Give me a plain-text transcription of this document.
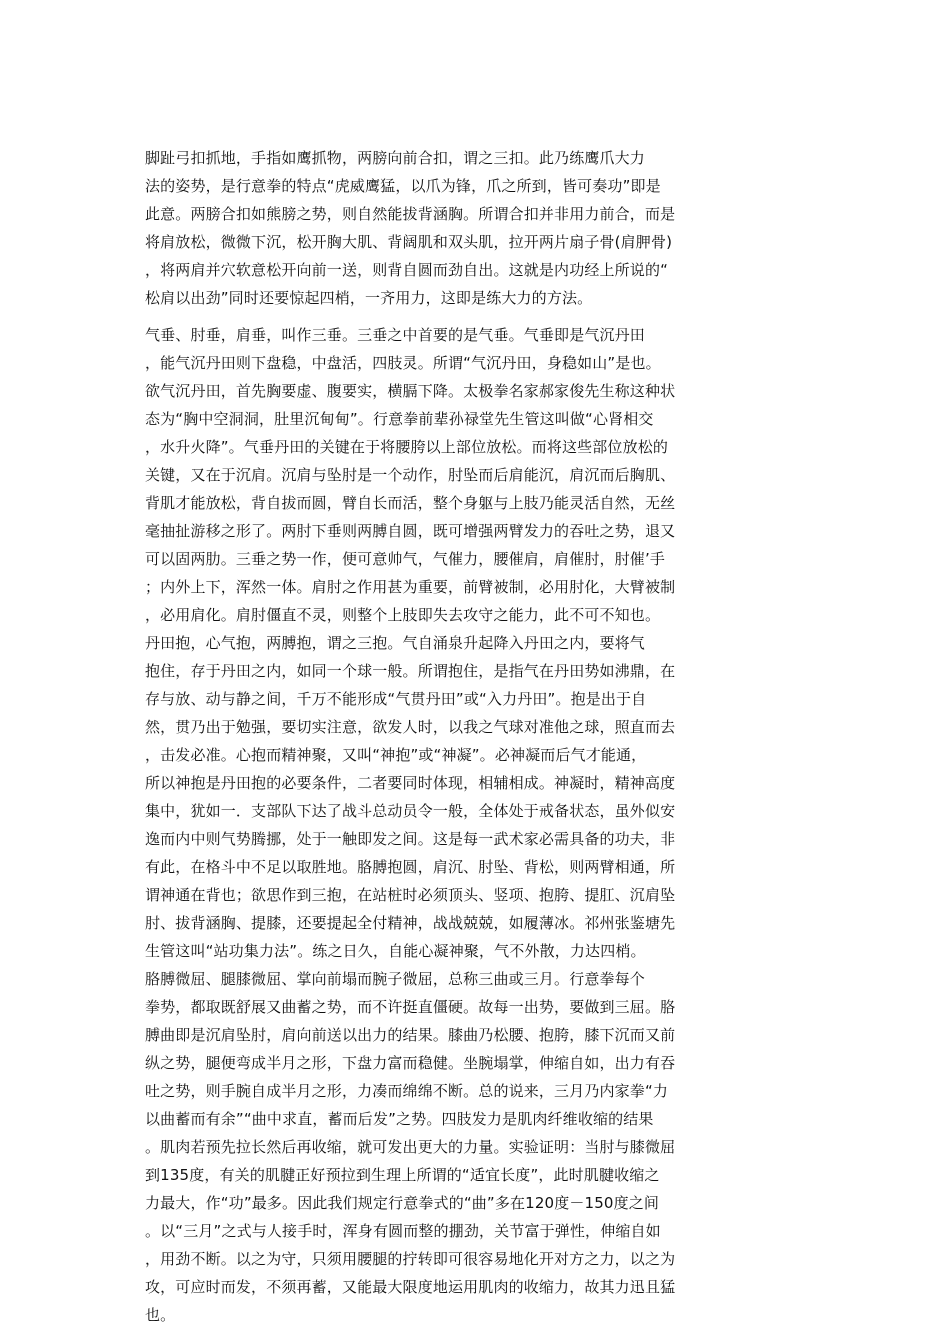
脚趾弓扣抓地，手指如鹰抓物，两膀向前合扣，谓之三扣。此乃练鹰爪大力
法的姿势，是行意拳的特点“虎威鹰猛，以爪为锋，爪之所到，皆可奏功”即是
此意。两膀合扣如熊膀之势，则自然能拔背涵胸。所谓合扣并非用力前合，而是
将肩放松，微微下沉，松开胸大肌、背阔肌和双头肌，拉开两片扇子骨(肩胛骨)
，将两肩并穴软意松开向前一送，则背自圆而劲自出。这就是内功经上所说的“
松肩以出劲”同时还要惊起四梢，一齐用力，这即是练大力的方法。
气垂、肘垂，肩垂，叫作三垂。三垂之中首要的是气垂。气垂即是气沉丹田
，能气沉丹田则下盘稳，中盘活，四肢灵。所谓“气沉丹田，身稳如山”是也。
欲气沉丹田，首先胸要虚、腹要实，横膈下降。太极拳名家郝家俊先生称这种状
态为“胸中空洞洞，肚里沉甸甸”。行意拳前辈孙禄堂先生管这叫做“心肾相交
，水升火降”。气垂丹田的关键在于将腰胯以上部位放松。而将这些部位放松的
关键，又在于沉肩。沉肩与坠肘是一个动作，肘坠而后肩能沉，肩沉而后胸肌、
背肌才能放松，背自拔而圆，臂自长而活，整个身躯与上肢乃能灵活自然，无丝
毫抽扯游移之形了。两肘下垂则两膊自圆，既可增强两臂发力的吞吐之势，退又
可以固两肋。三垂之势一作，便可意帅气，气催力，腰催肩，肩催肘，肘催’手
；内外上下，浑然一体。肩肘之作用甚为重要，前臂被制，必用肘化，大臂被制
，必用肩化。肩肘僵直不灵，则整个上肢即失去攻守之能力，此不可不知也。
丹田抱，心气抱，两膊抱，谓之三抱。气自涌泉升起降入丹田之内，要将气
抱住，存于丹田之内，如同一个球一般。所谓抱住，是指气在丹田势如沸鼎，在
存与放、动与静之间，千万不能形成“气贯丹田”或“入力丹田”。抱是出于自
然，贯乃出于勉强，要切实注意，欲发人时，以我之气球对准他之球，照直而去
，击发必准。心抱而精神聚，又叫“神抱”或“神凝”。必神凝而后气才能通，
所以神抱是丹田抱的必要条件，二者要同时体现，相辅相成。神凝时，精神高度
集中，犹如一．支部队下达了战斗总动员令一般，全体处于戒备状态，虽外似安
逸而内中则气势腾挪，处于一触即发之间。这是每一武术家必需具备的功夫，非
有此，在格斗中不足以取胜地。胳膊抱圆，肩沉、肘坠、背松，则两臂相通，所
谓神通在背也；欲思作到三抱，在站桩时必须顶头、竖项、抱胯、提肛、沉肩坠
肘、拔背涵胸、提膝，还要提起全付精神，战战兢兢，如履薄冰。祁州张鉴塘先
生管这叫“站功集力法”。练之日久，自能心凝神聚，气不外散，力达四梢。
胳膊微屈、腿膝微屈、掌向前塌而腕子微屈，总称三曲或三月。行意拳每个
拳势，都取既舒展又曲蓄之势，而不许挺直僵硬。故每一出势，要做到三屈。胳
膊曲即是沉肩坠肘，肩向前送以出力的结果。膝曲乃松腰、抱胯，膝下沉而又前
纵之势，腿便弯成半月之形，下盘力富而稳健。坐腕塌掌，伸缩自如，出力有吞
吐之势，则手腕自成半月之形，力凑而绵绵不断。总的说来，三月乃内家拳“力
以曲蓄而有余”“曲中求直，蓄而后发”之势。四肢发力是肌肉纤维收缩的结果
。肌肉若预先拉长然后再收缩，就可发出更大的力量。实验证明：当肘与膝微屈
到135度，有关的肌腱正好预拉到生理上所谓的“适宜长度”，此时肌腱收缩之
力最大，作“功”最多。因此我们规定行意拳式的“曲”多在120度－150度之间
。以“三月”之式与人接手时，浑身有圆而整的掤劲，关节富于弹性，伸缩自如
，用劲不断。以之为守，只须用腰腿的拧转即可很容易地化开对方之力，以之为
攻，可应时而发，不须再蓄，又能最大限度地运用肌肉的收缩力，故其力迅且猛
也。
